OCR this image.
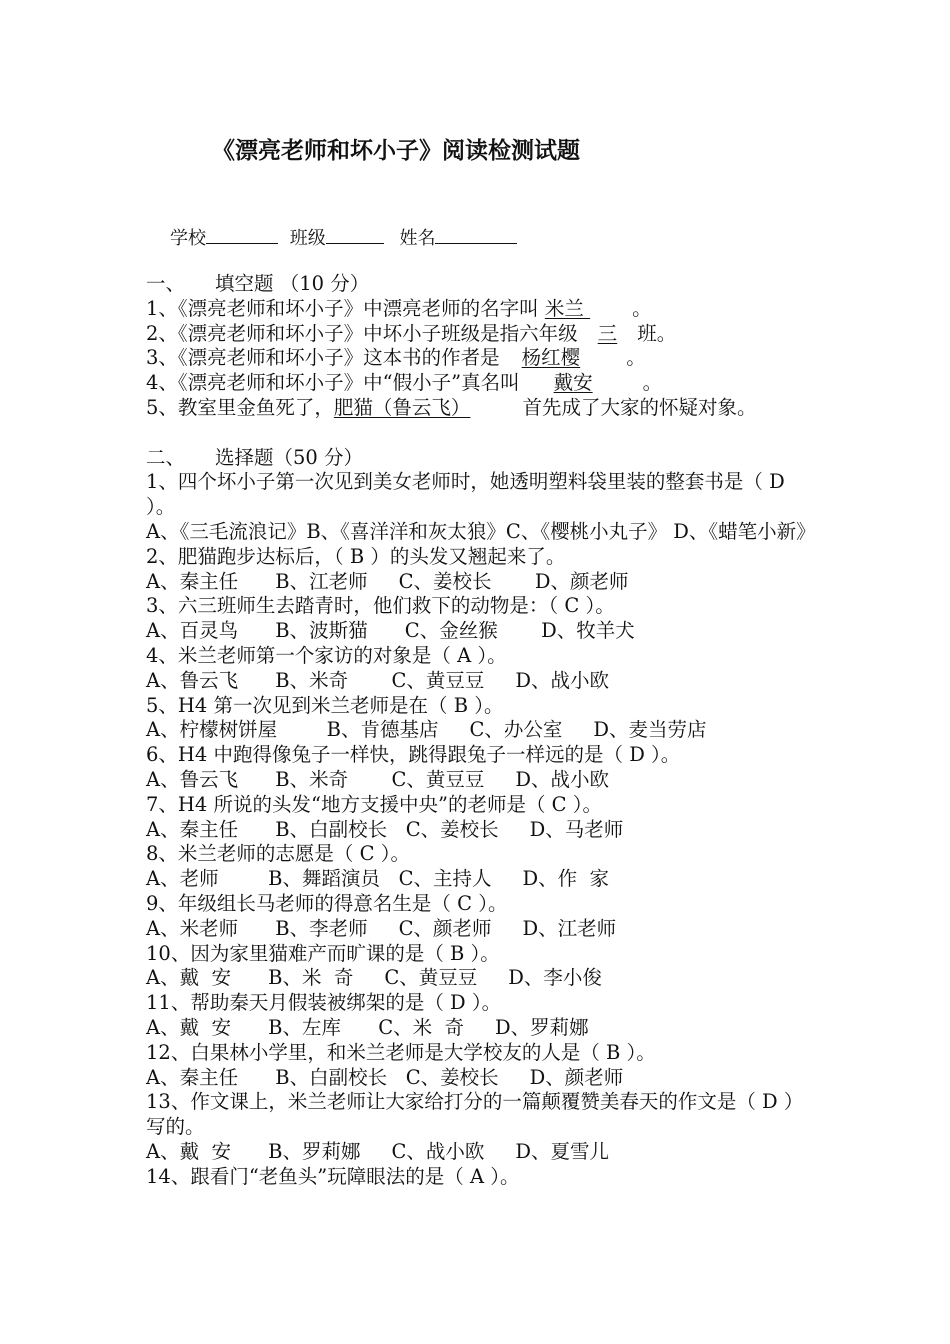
《漂亮老师和坏小子》阅读检测试题
学校	班级	姓名
一、 填空题 （10 分）
1、《漂亮老师和坏小子》中漂亮老师的名字叫 米兰 。
2、《漂亮老师和坏小子》中坏小子班级是指六年级 三 班。
3、《漂亮老师和坏小子》这本书的作者是 杨红樱 。
4、《漂亮老师和坏小子》中“假小子”真名叫 戴安	。
5、教室里金鱼死了，肥猫（鲁云飞）	首先成了大家的怀疑对象。
二、 选择题（50 分）
1、四个坏小子第一次见到美女老师时，她透明塑料袋里装的整套书是（ D ）。
A、《三毛流浪记》B、《喜洋洋和灰太狼》C、《樱桃小丸子》 D、《蜡笔小新》
2、肥猫跑步达标后，（ B ）的头发又翘起来了。
A、秦主任      B、江老师     C、姜校长       D、颜老师
3、六三班师生去踏青时，他们救下的动物是：（ C ）。
A、百灵鸟      B、波斯猫      C、金丝猴       D、牧羊犬
4、米兰老师第一个家访的对象是（ A ）。
A、鲁云飞      B、米奇       C、黄豆豆     D、战小欧
5、H4 第一次见到米兰老师是在（ B ）。
A、柠檬树饼屋        B、肯德基店     C、办公室     D、麦当劳店
6、H4 中跑得像兔子一样快，跳得跟兔子一样远的是（ D ）。
A、鲁云飞      B、米奇       C、黄豆豆     D、战小欧
7、H4 所说的头发“地方支援中央”的老师是（ C ）。
A、秦主任      B、白副校长   C、姜校长     D、马老师
8、米兰老师的志愿是（ C ）。
A、老师        B、舞蹈演员   C、主持人     D、作  家
9、年级组长马老师的得意名生是（ C ）。
A、米老师      B、李老师     C、颜老师     D、江老师
10、因为家里猫难产而旷课的是（ B ）。
A、戴  安      B、米  奇     C、黄豆豆     D、李小俊
11、帮助秦天月假装被绑架的是（ D ）。
A、戴  安      B、左库      C、米  奇     D、罗莉娜
12、白果林小学里，和米兰老师是大学校友的人是（ B ）。
A、秦主任      B、白副校长   C、姜校长     D、颜老师
13、作文课上，米兰老师让大家给打分的一篇颠覆赞美春天的作文是（ D ）写的。
A、戴  安      B、罗莉娜     C、战小欧     D、夏雪儿
14、跟看门“老鱼头”玩障眼法的是（ A ）。
